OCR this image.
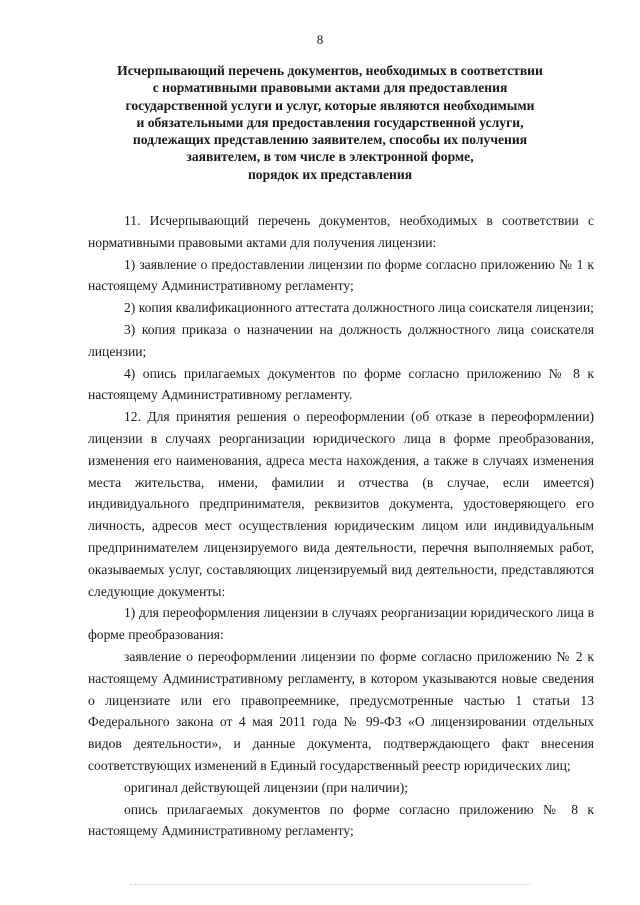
8
Исчерпывающий перечень документов, необходимых в соответствии
с нормативными правовыми актами для предоставления
государственной услуги и услуг, которые являются необходимыми
и обязательными для предоставления государственной услуги,
подлежащих представлению заявителем, способы их получения
заявителем, в том числе в электронной форме,
порядок их представления

11. Исчерпывающий перечень документов, необходимых в соответствии с нормативными правовыми актами для получения лицензии:

1) заявление о предоставлении лицензии по форме согласно приложению № 1 к настоящему Административному регламенту;

2) копия квалификационного аттестата должностного лица соискателя лицензии;

3) копия приказа о назначении на должность должностного лица соискателя лицензии;

4) опись прилагаемых документов по форме согласно приложению № 8 к настоящему Административному регламенту.

12. Для принятия решения о переоформлении (об отказе в переоформлении) лицензии в случаях реорганизации юридического лица в форме преобразования, изменения его наименования, адреса места нахождения, а также в случаях изменения места жительства, имени, фамилии и отчества (в случае, если имеется) индивидуального предпринимателя, реквизитов документа, удостоверяющего его личность, адресов мест осуществления юридическим лицом или индивидуальным предпринимателем лицензируемого вида деятельности, перечня выполняемых работ, оказываемых услуг, составляющих лицензируемый вид деятельности, представляются следующие документы:

1) для переоформления лицензии в случаях реорганизации юридического лица в форме преобразования:

заявление о переоформлении лицензии по форме согласно приложению № 2 к настоящему Административному регламенту, в котором указываются новые сведения о лицензиате или его правопреемнике, предусмотренные частью 1 статьи 13 Федерального закона от 4 мая 2011 года № 99-ФЗ «О лицензировании отдельных видов деятельности», и данные документа, подтверждающего факт внесения соответствующих изменений в Единый государственный реестр юридических лиц;

оригинал действующей лицензии (при наличии);

опись прилагаемых документов по форме согласно приложению № 8 к настоящему Административному регламенту;
